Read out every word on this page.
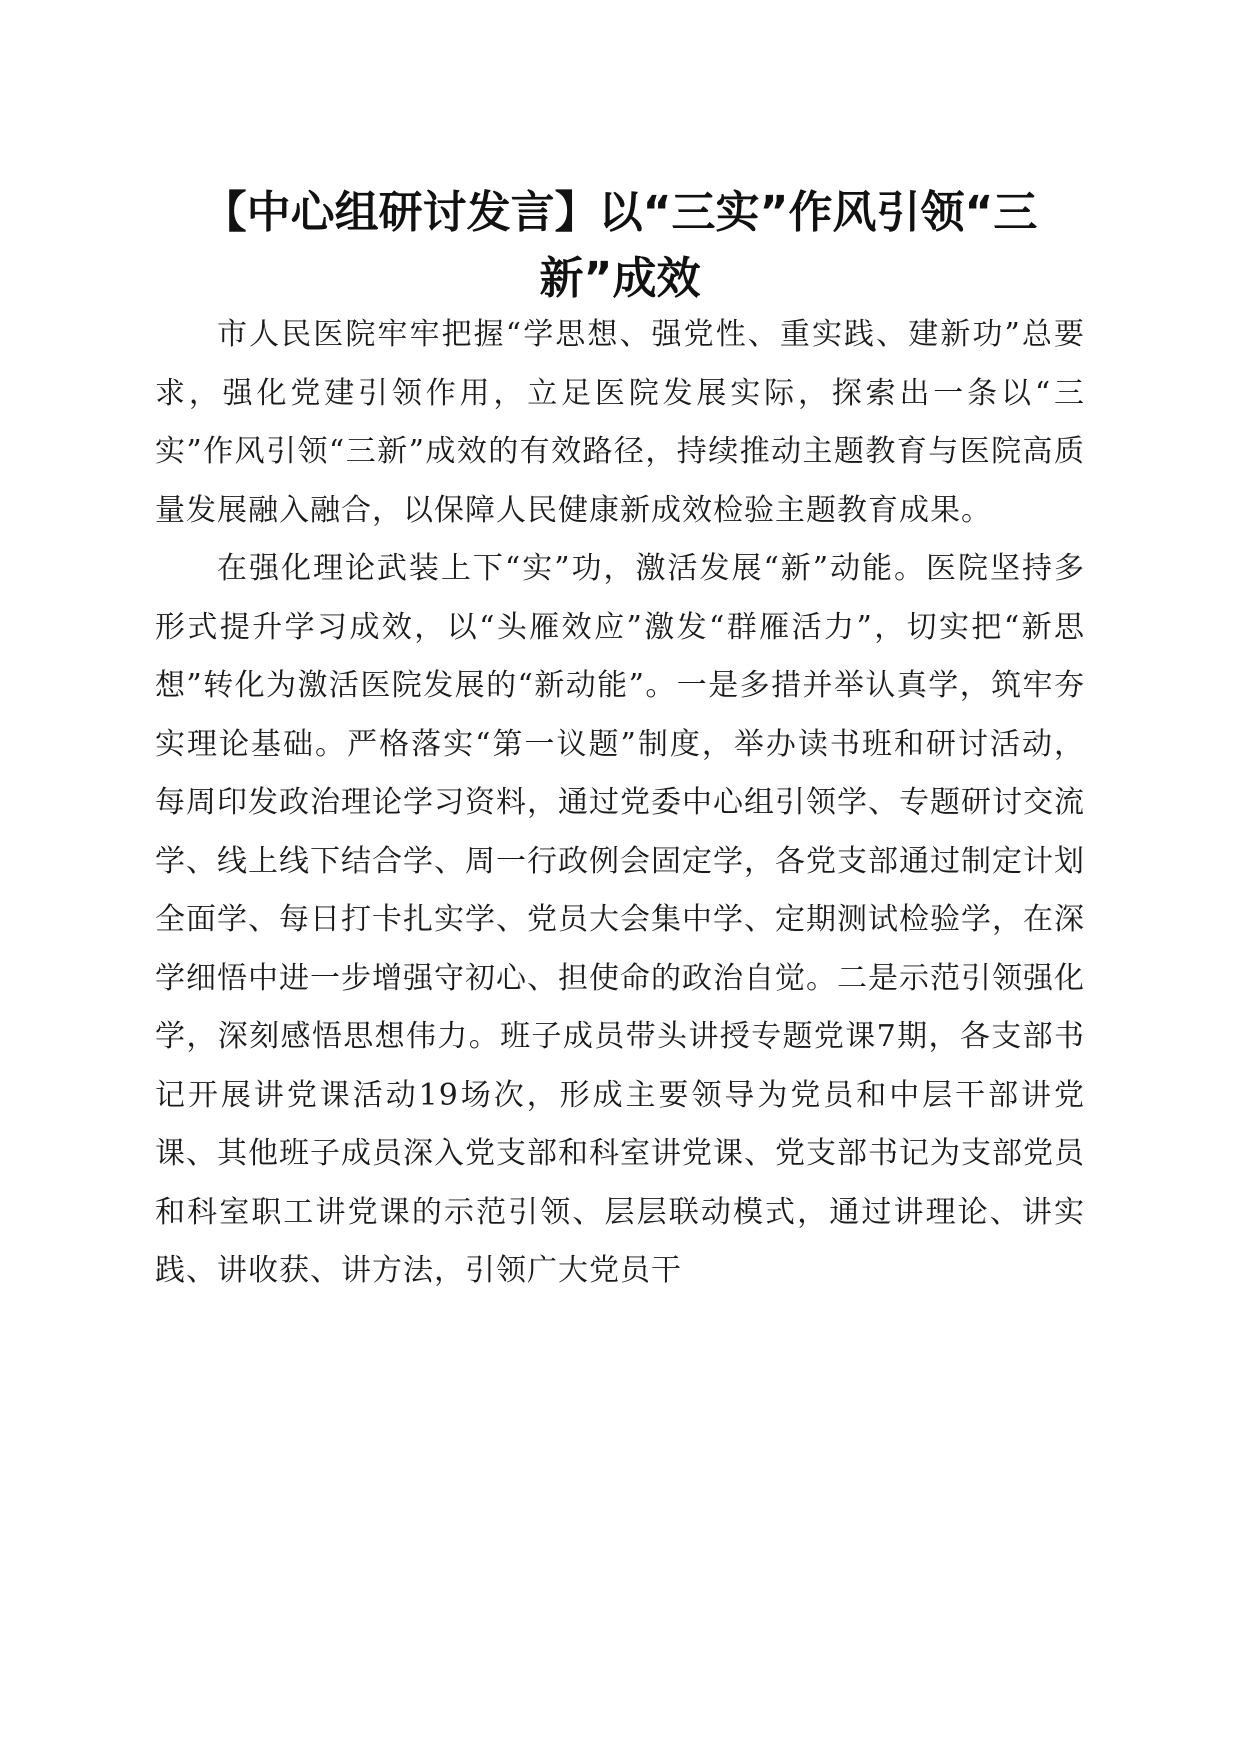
【中心组研讨发言】以“三实”作风引领“三新”成效

市人民医院牢牢把握“学思想、强党性、重实践、建新功”总要求，强化党建引领作用，立足医院发展实际，探索出一条以“三实”作风引领“三新”成效的有效路径，持续推动主题教育与医院高质量发展融入融合，以保障人民健康新成效检验主题教育成果。

在强化理论武装上下“实”功，激活发展“新”动能。医院坚持多形式提升学习成效，以“头雁效应”激发“群雁活力”，切实把“新思想”转化为激活医院发展的“新动能”。一是多措并举认真学，筑牢夯实理论基础。严格落实“第一议题”制度，举办读书班和研讨活动，每周印发政治理论学习资料，通过党委中心组引领学、专题研讨交流学、线上线下结合学、周一行政例会固定学，各党支部通过制定计划全面学、每日打卡扎实学、党员大会集中学、定期测试检验学，在深学细悟中进一步增强守初心、担使命的政治自觉。二是示范引领强化学，深刻感悟思想伟力。班子成员带头讲授专题党课7期，各支部书记开展讲党课活动19场次，形成主要领导为党员和中层干部讲党课、其他班子成员深入党支部和科室讲党课、党支部书记为支部党员和科室职工讲党课的示范引领、层层联动模式，通过讲理论、讲实践、讲收获、讲方法，引领广大党员干
